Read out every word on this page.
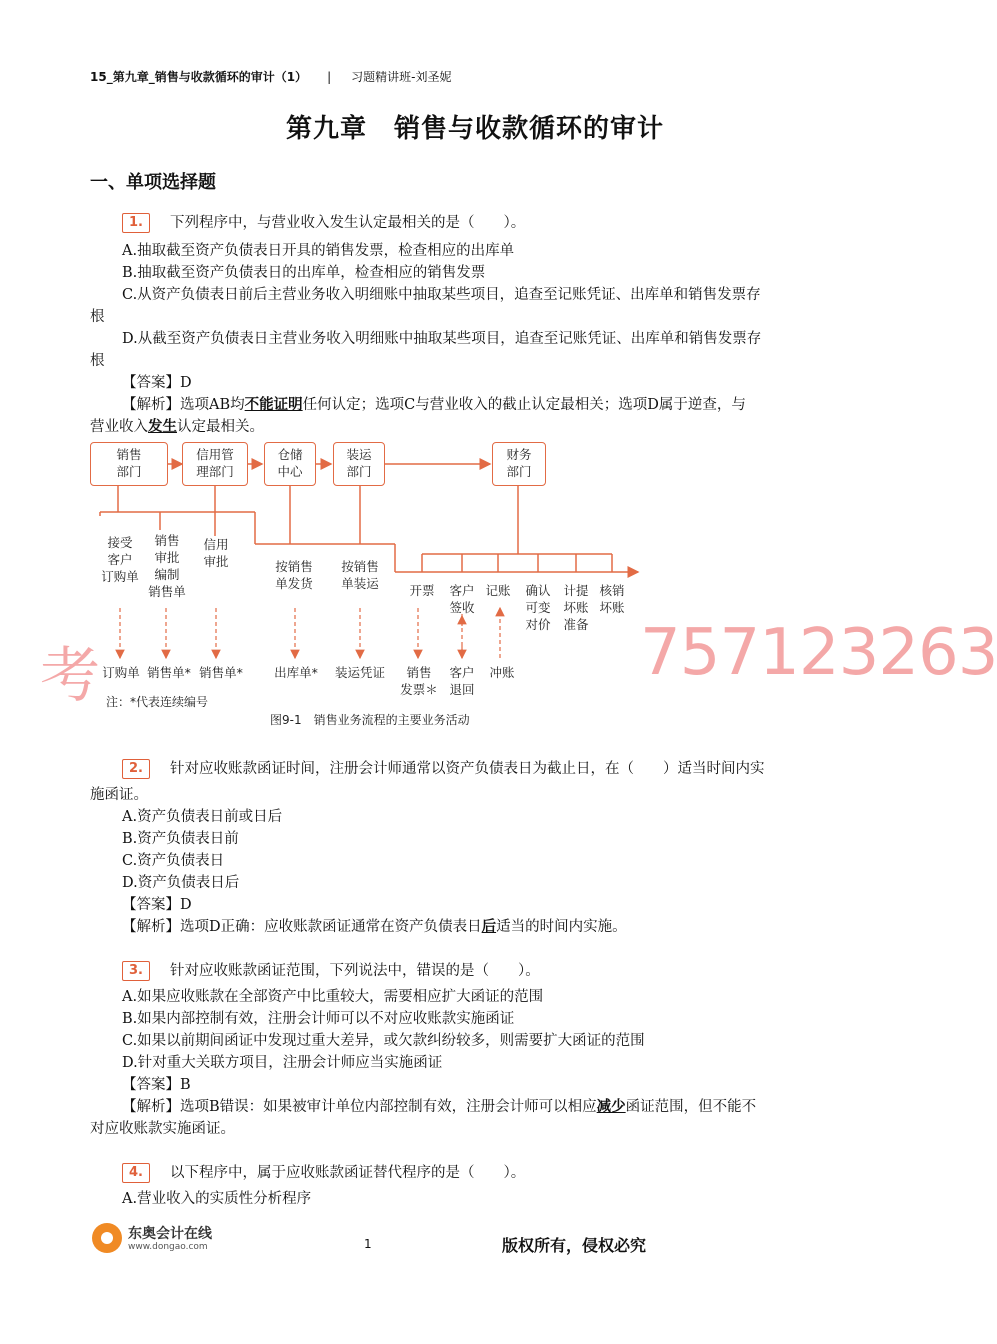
15_第九章_销售与收款循环的审计（1） | 习题精讲班-刘圣妮
第九章　销售与收款循环的审计
一、单项选择题
1. 下列程序中，与营业收入发生认定最相关的是（　　）。
A.抽取截至资产负债表日开具的销售发票，检查相应的出库单
B.抽取截至资产负债表日的出库单，检查相应的销售发票
C.从资产负债表日前后主营业务收入明细账中抽取某些项目，追查至记账凭证、出库单和销售发票存
根
D.从截至资产负债表日主营业务收入明细账中抽取某些项目，追查至记账凭证、出库单和销售发票存
根
【答案】D
【解析】选项AB均不能证明任何认定；选项C与营业收入的截止认定最相关；选项D属于逆查，与
营业收入发生认定最相关。
销售
部门
信用管
理部门
仓储
中心
装运
部门
财务
部门
接受
客户
订购单
销售
审批
编制
销售单
信用
审批	按销售
单发货
按销售
单装运	开票	客户
签收
记账	确认
可变
对价
计提
坏账
准备
核销
坏账
订购单 销售单* 销售单*	出库单*	装运凭证	销售
发票＊
客户
退回
冲账
注：*代表连续编号
图9-1　销售业务流程的主要业务活动
考	757123263
2. 针对应收账款函证时间，注册会计师通常以资产负债表日为截止日，在（　　）适当时间内实
施函证。
A.资产负债表日前或日后
B.资产负债表日前
C.资产负债表日
D.资产负债表日后
【答案】D
【解析】选项D正确：应收账款函证通常在资产负债表日后适当的时间内实施。
3. 针对应收账款函证范围，下列说法中，错误的是（　　）。
A.如果应收账款在全部资产中比重较大，需要相应扩大函证的范围
B.如果内部控制有效，注册会计师可以不对应收账款实施函证
C.如果以前期间函证中发现过重大差异，或欠款纠纷较多，则需要扩大函证的范围
D.针对重大关联方项目，注册会计师应当实施函证
【答案】B
【解析】选项B错误：如果被审计单位内部控制有效，注册会计师可以相应减少函证范围，但不能不
对应收账款实施函证。
4. 以下程序中，属于应收账款函证替代程序的是（　　）。
A.营业收入的实质性分析程序
东奥会计在线
www.dongao.com	1	版权所有，侵权必究
